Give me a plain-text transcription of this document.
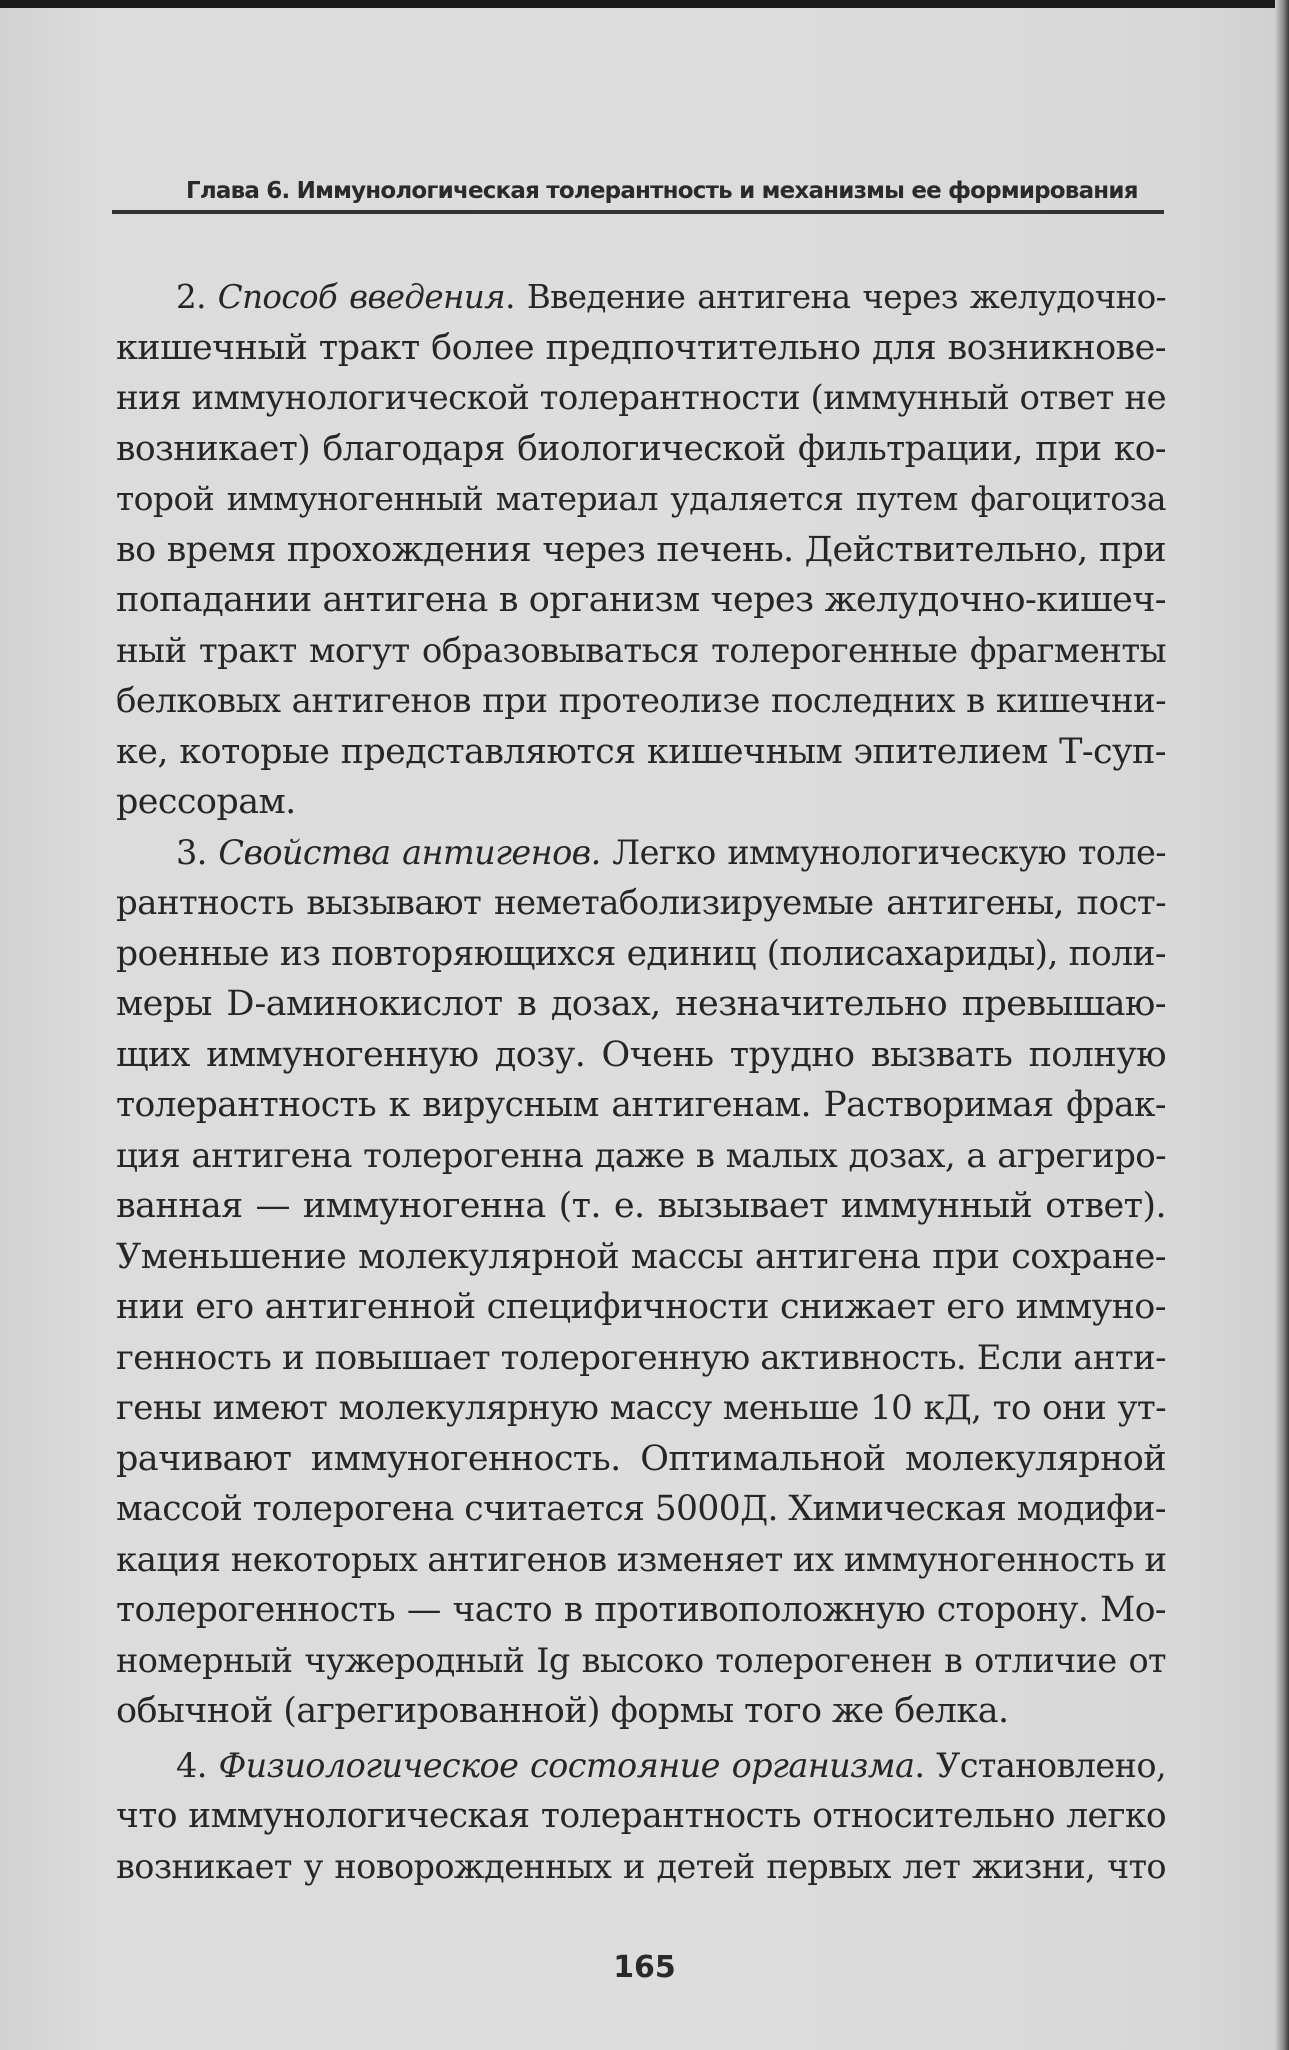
Глава 6. Иммунологическая толерантность и механизмы ее формирования
2. Способ введения. Введение антигена через желудочно-
кишечный тракт более предпочтительно для возникнове-
ния иммунологической толерантности (иммунный ответ не
возникает) благодаря биологической фильтрации, при ко-
торой иммуногенный материал удаляется путем фагоцитоза
во время прохождения через печень. Действительно, при
попадании антигена в организм через желудочно-кишеч-
ный тракт могут образовываться толерогенные фрагменты
белковых антигенов при протеолизе последних в кишечни-
ке, которые представляются кишечным эпителием Т-суп-
рессорам.
3. Свойства антигенов. Легко иммунологическую толе-
рантность вызывают неметаболизируемые антигены, пост-
роенные из повторяющихся единиц (полисахариды), поли-
меры D-аминокислот в дозах, незначительно превышаю-
щих иммуногенную дозу. Очень трудно вызвать полную
толерантность к вирусным антигенам. Растворимая фрак-
ция антигена толерогенна даже в малых дозах, а агрегиро-
ванная — иммуногенна (т. е. вызывает иммунный ответ).
Уменьшение молекулярной массы антигена при сохране-
нии его антигенной специфичности снижает его иммуно-
генность и повышает толерогенную активность. Если анти-
гены имеют молекулярную массу меньше 10 кД, то они ут-
рачивают иммуногенность. Оптимальной молекулярной
массой толерогена считается 5000Д. Химическая модифи-
кация некоторых антигенов изменяет их иммуногенность и
толерогенность — часто в противоположную сторону. Мо-
номерный чужеродный Ig высоко толерогенен в отличие от
обычной (агрегированной) формы того же белка.
4. Физиологическое состояние организма. Установлено,
что иммунологическая толерантность относительно легко
возникает у новорожденных и детей первых лет жизни, что
165
